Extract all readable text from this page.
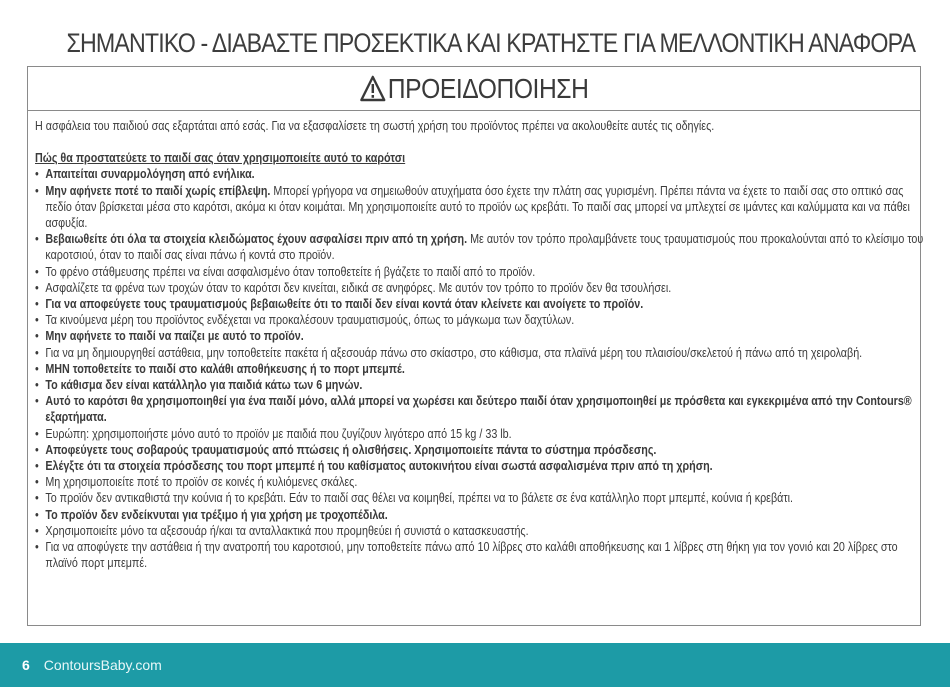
ΣΗΜΑΝΤΙΚΟ - ΔΙΑΒΑΣΤΕ ΠΡΟΣΕΚΤΙΚΑ ΚΑΙ ΚΡΑΤΗΣΤΕ ΓΙΑ ΜΕΛΛΟΝΤΙΚΗ ΑΝΑΦΟΡΑ
ΠΡΟΕΙΔΟΠΟΙΗΣΗ
Η ασφάλεια του παιδιού σας εξαρτάται από εσάς. Για να εξασφαλίσετε τη σωστή χρήση του προϊόντος πρέπει να ακολουθείτε αυτές τις οδηγίες.
Πώς θα προστατεύετε το παιδί σας όταν χρησιμοποιείτε αυτό το καρότσι
• Απαιτείται συναρμολόγηση από ενήλικα.
• Μην αφήνετε ποτέ το παιδί χωρίς επίβλεψη. Μπορεί γρήγορα να σημειωθούν ατυχήματα όσο έχετε την πλάτη σας γυρισμένη. Πρέπει πάντα να έχετε το παιδί σας στο οπτικό σας πεδίο όταν βρίσκεται μέσα στο καρότσι, ακόμα κι όταν κοιμάται. Μη χρησιμοποιείτε αυτό το προϊόν ως κρεβάτι. Το παιδί σας μπορεί να μπλεχτεί σε ιμάντες και καλύμματα και να πάθει ασφυξία.
• Βεβαιωθείτε ότι όλα τα στοιχεία κλειδώματος έχουν ασφαλίσει πριν από τη χρήση. Με αυτόν τον τρόπο προλαμβάνετε τους τραυματισμούς που προκαλούνται από το κλείσιμο του καροτσιού, όταν το παιδί σας είναι πάνω ή κοντά στο προϊόν.
• Το φρένο στάθμευσης πρέπει να είναι ασφαλισμένο όταν τοποθετείτε ή βγάζετε το παιδί από το προϊόν.
• Ασφαλίζετε τα φρένα των τροχών όταν το καρότσι δεν κινείται, ειδικά σε ανηφόρες. Με αυτόν τον τρόπο το προϊόν δεν θα τσουλήσει.
• Για να αποφεύγετε τους τραυματισμούς βεβαιωθείτε ότι το παιδί δεν είναι κοντά όταν κλείνετε και ανοίγετε το προϊόν.
• Τα κινούμενα μέρη του προϊόντος ενδέχεται να προκαλέσουν τραυματισμούς, όπως το μάγκωμα των δαχτύλων.
• Μην αφήνετε το παιδί να παίζει με αυτό το προϊόν.
• Για να μη δημιουργηθεί αστάθεια, μην τοποθετείτε πακέτα ή αξεσουάρ πάνω στο σκίαστρο, στο κάθισμα, στα πλαϊνά μέρη του πλαισίου/σκελετού ή πάνω από τη χειρολαβή.
• ΜΗΝ τοποθετείτε το παιδί στο καλάθι αποθήκευσης ή το πορτ μπεμπέ.
• Το κάθισμα δεν είναι κατάλληλο για παιδιά κάτω των 6 μηνών.
• Αυτό το καρότσι θα χρησιμοποιηθεί για ένα παιδί μόνο, αλλά μπορεί να χωρέσει και δεύτερο παιδί όταν χρησιμοποιηθεί με πρόσθετα και εγκεκριμένα από την Contours® εξαρτήματα.
• Ευρώπη: χρησιμοποιήστε μόνο αυτό το προϊόν με παιδιά που ζυγίζουν λιγότερο από 15 kg / 33 lb.
• Αποφεύγετε τους σοβαρούς τραυματισμούς από πτώσεις ή ολισθήσεις. Χρησιμοποιείτε πάντα το σύστημα πρόσδεσης.
• Ελέγξτε ότι τα στοιχεία πρόσδεσης του πορτ μπεμπέ ή του καθίσματος αυτοκινήτου είναι σωστά ασφαλισμένα πριν από τη χρήση.
• Μη χρησιμοποιείτε ποτέ το προϊόν σε κοινές ή κυλιόμενες σκάλες.
• Το προϊόν δεν αντικαθιστά την κούνια ή το κρεβάτι. Εάν το παιδί σας θέλει να κοιμηθεί, πρέπει να το βάλετε σε ένα κατάλληλο πορτ μπεμπέ, κούνια ή κρεβάτι.
• Το προϊόν δεν ενδείκνυται για τρέξιμο ή για χρήση με τροχοπέδιλα.
• Χρησιμοποιείτε μόνο τα αξεσουάρ ή/και τα ανταλλακτικά που προμηθεύει ή συνιστά ο κατασκευαστής.
• Για να αποφύγετε την αστάθεια ή την ανατροπή του καροτσιού, μην τοποθετείτε πάνω από 10 λίβρες στο καλάθι αποθήκευσης και 1 λίβρες στη θήκη για τον γονιό και 20 λίβρες στο πλαϊνό πορτ μπεμπέ.
6 ContoursBaby.com
